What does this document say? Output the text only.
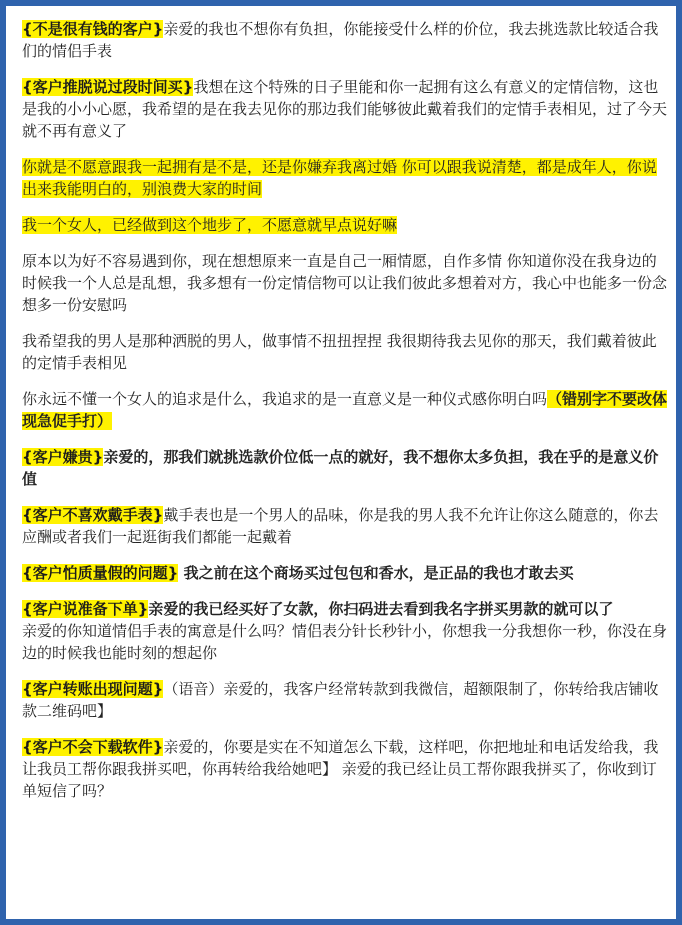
{不是很有钱的客户}亲爱的我也不想你有负担，你能接受什么样的价位，我去挑选款比较适合我们的情侣手表

{客户推脱说过段时间买}我想在这个特殊的日子里能和你一起拥有这么有意义的定情信物，这也是我的小小心愿，我希望的是在我去见你的那边我们能够彼此戴着我们的定情手表相见，过了今天就不再有意义了

你就是不愿意跟我一起拥有是不是，还是你嫌弃我离过婚 你可以跟我说清楚，都是成年人，你说出来我能明白的，别浪费大家的时间

我一个女人，已经做到这个地步了，不愿意就早点说好嘛

原本以为好不容易遇到你，现在想想原来一直是自己一厢情愿，自作多情 你知道你没在我身边的时候我一个人总是乱想，我多想有一份定情信物可以让我们彼此多想着对方，我心中也能多一份念想多一份安慰吗

我希望我的男人是那种洒脱的男人，做事情不扭扭捏捏 我很期待我去见你的那天，我们戴着彼此的定情手表相见

你永远不懂一个女人的追求是什么，我追求的是一直意义是一种仪式感你明白吗（错别字不要改体现急促手打）

{客户嫌贵}亲爱的，那我们就挑选款价位低一点的就好，我不想你太多负担，我在乎的是意义价值

{客户不喜欢戴手表}戴手表也是一个男人的品味，你是我的男人我不允许让你这么随意的，你去应酬或者我们一起逛街我们都能一起戴着

{客户怕质量假的问题} 我之前在这个商场买过包包和香水，是正品的我也才敢去买

{客户说准备下单}亲爱的我已经买好了女款，你扫码进去看到我名字拼买男款的就可以了
亲爱的你知道情侣手表的寓意是什么吗？情侣表分针长秒针小，你想我一分我想你一秒，你没在身边的时候我也能时刻的想起你

{客户转账出现问题}（语音）亲爱的，我客户经常转款到我微信，超额限制了，你转给我店铺收款二维码吧】

{客户不会下载软件}亲爱的，你要是实在不知道怎么下载，这样吧，你把地址和电话发给我，我让我员工帮你跟我拼买吧，你再转给我给她吧】 亲爱的我已经让员工帮你跟我拼买了，你收到订单短信了吗？
